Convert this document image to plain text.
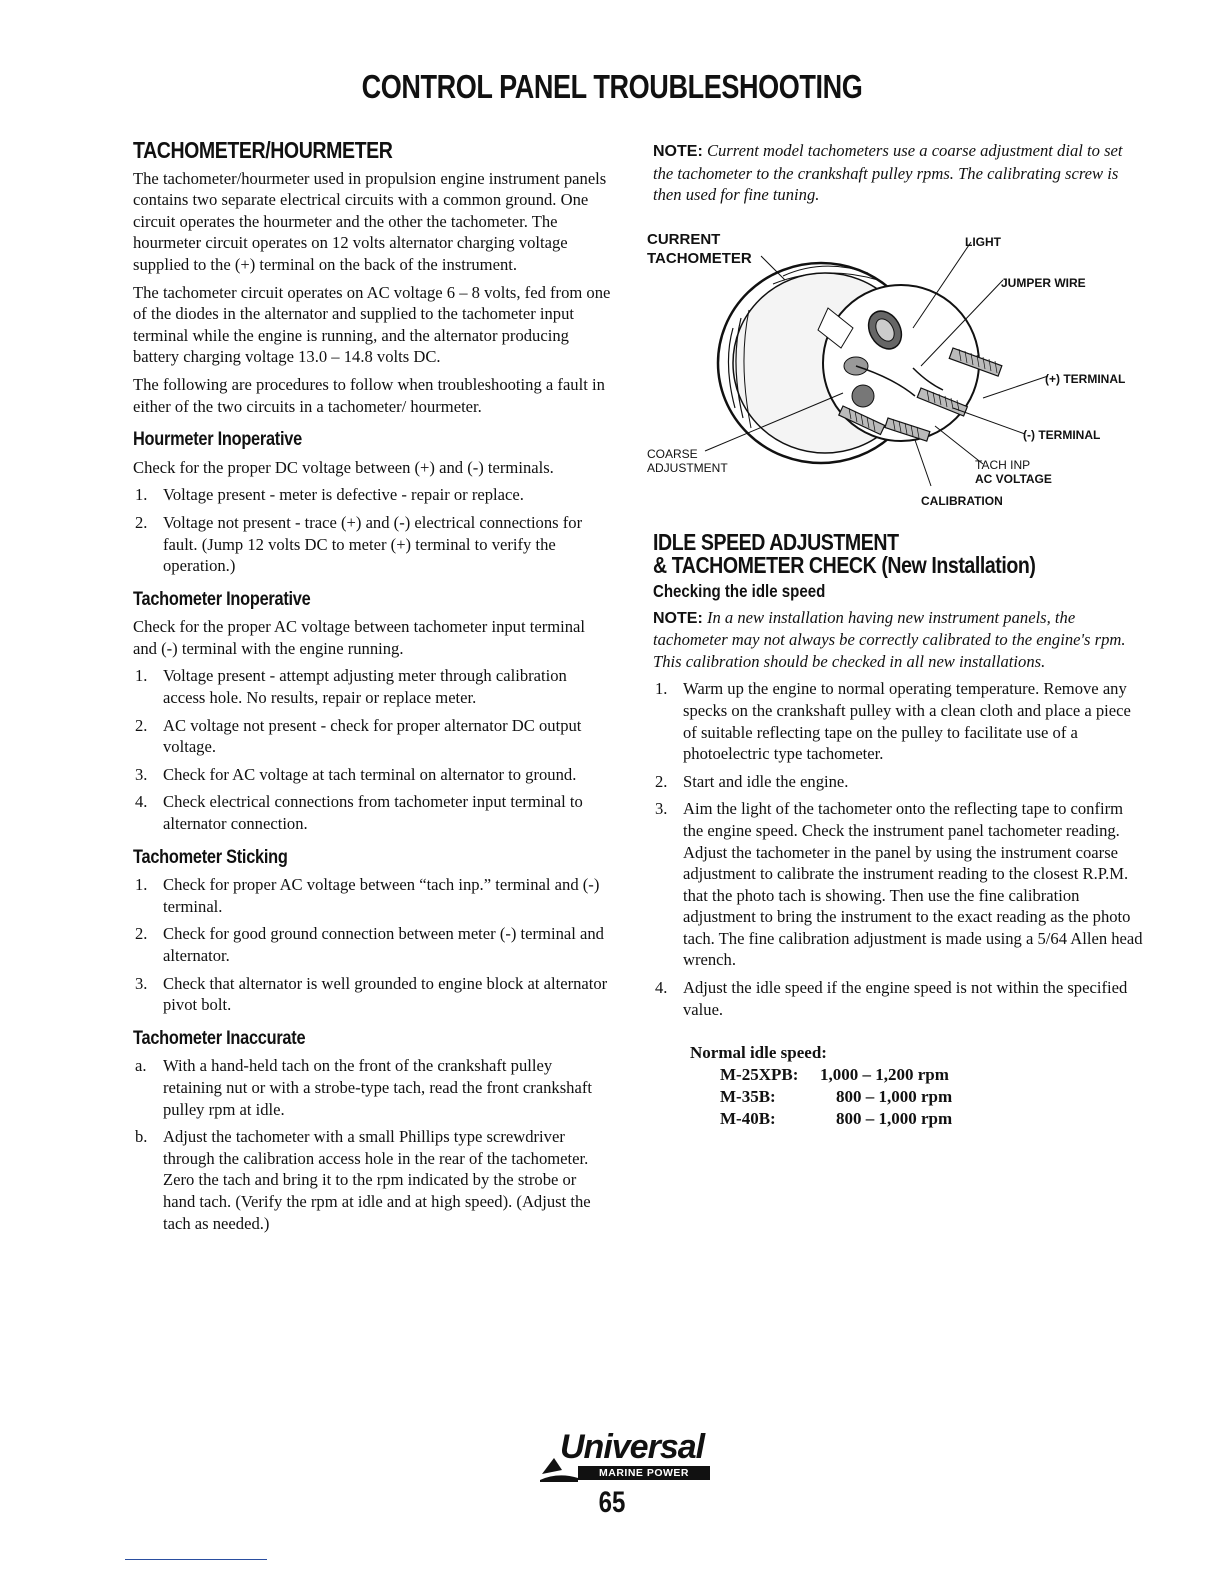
CONTROL PANEL TROUBLESHOOTING
TACHOMETER/HOURMETER

The tachometer/hourmeter used in propulsion engine instrument panels contains two separate electrical circuits with a common ground. One circuit operates the hourmeter and the other the tachometer. The hourmeter circuit operates on 12 volts alternator charging voltage supplied to the (+) terminal on the back of the instrument.

The tachometer circuit operates on AC voltage 6 – 8 volts, fed from one of the diodes in the alternator and supplied to the tachometer input terminal while the engine is running, and the alternator producing battery charging voltage 13.0 – 14.8 volts DC.

The following are procedures to follow when troubleshooting a fault in either of the two circuits in a tachometer/ hourmeter.

Hourmeter Inoperative

Check for the proper DC voltage between (+) and (-) terminals.

1. Voltage present - meter is defective - repair or replace.
2. Voltage not present - trace (+) and (-) electrical connections for fault. (Jump 12 volts DC to meter (+) terminal to verify the operation.)
Tachometer Inoperative

Check for the proper AC voltage between tachometer input terminal and (-) terminal with the engine running.

1. Voltage present - attempt adjusting meter through calibration access hole. No results, repair or replace meter.
2. AC voltage not present - check for proper alternator DC output voltage.
3. Check for AC voltage at tach terminal on alternator to ground.
4. Check electrical connections from tachometer input terminal to alternator connection.
Tachometer Sticking
1. Check for proper AC voltage between “tach inp.” terminal and (-) terminal.
2. Check for good ground connection between meter (-) terminal and alternator.
3. Check that alternator is well grounded to engine block at alternator pivot bolt.
Tachometer Inaccurate
a. With a hand-held tach on the front of the crankshaft pulley retaining nut or with a strobe-type tach, read the front crankshaft pulley rpm at idle.
b. Adjust the tachometer with a small Phillips type screwdriver through the calibration access hole in the rear of the tachometer. Zero the tach and bring it to the rpm indicated by the strobe or hand tach. (Verify the rpm at idle and at high speed). (Adjust the tach as needed.)

NOTE: Current model tachometers use a coarse adjustment dial to set the tachometer to the crankshaft pulley rpms. The calibrating screw is then used for fine tuning.

CURRENT
TACHOMETER
LIGHT
JUMPER WIRE
(+) TERMINAL
(-) TERMINAL
COARSE
ADJUSTMENT	TACH INP
AC VOLTAGE
CALIBRATION
IDLE SPEED ADJUSTMENT
& TACHOMETER CHECK (New Installation)
Checking the idle speed

NOTE: In a new installation having new instrument panels, the tachometer may not always be correctly calibrated to the engine's rpm. This calibration should be checked in all new installations.

1. Warm up the engine to normal operating temperature. Remove any specks on the crankshaft pulley with a clean cloth and place a piece of suitable reflecting tape on the pulley to facilitate use of a photoelectric type tachometer.
2. Start and idle the engine.
3. Aim the light of the tachometer onto the reflecting tape to confirm the engine speed. Check the instrument panel tachometer reading. Adjust the tachometer in the panel by using the instrument coarse adjustment to calibrate the instrument reading to the closest R.P.M. that the photo tach is showing. Then use the fine calibration adjustment to bring the instrument to the exact reading as the photo tach. The fine calibration adjustment is made using a 5/64 Allen head wrench.
4. Adjust the idle speed if the engine speed is not within the specified value.
Normal idle speed:
M-25XPB:	1,000 – 1,200 rpm
M-35B:	800 – 1,000 rpm
M-40B:	800 – 1,000 rpm
Universal
MARINE POWER
65
